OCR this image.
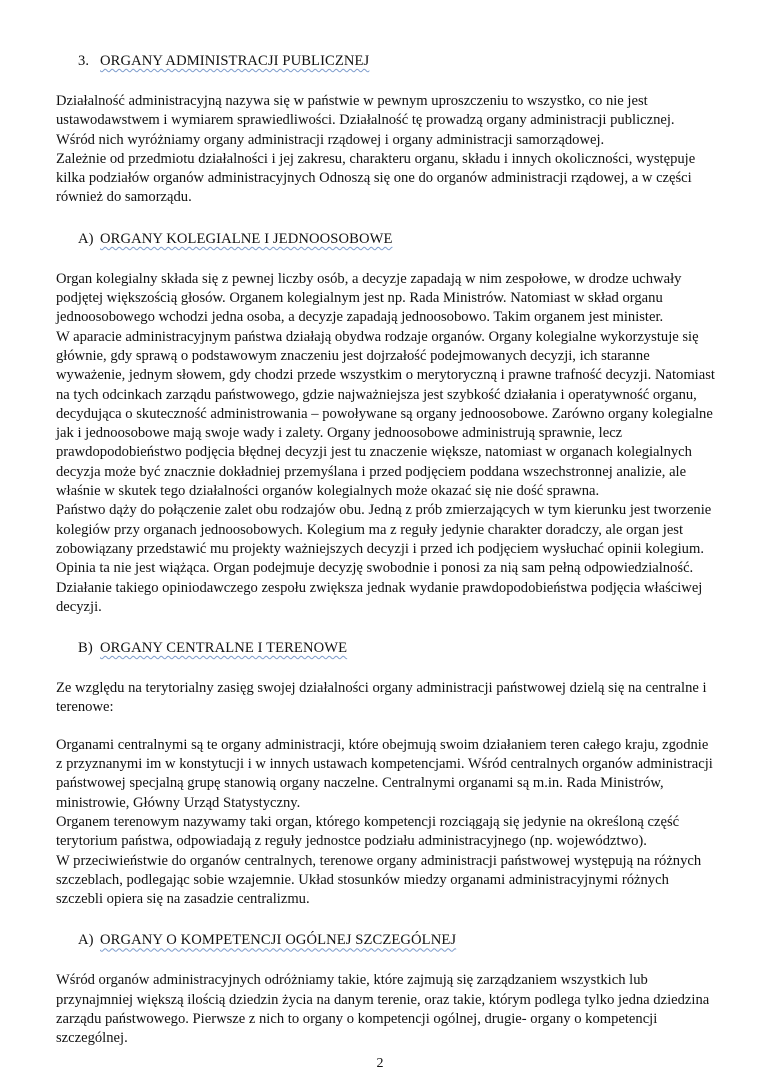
3. ORGANY ADMINISTRACJI PUBLICZNEJ

Działalność administracyjną nazywa się w państwie w pewnym uproszczeniu to wszystko, co nie jest ustawodawstwem i wymiarem sprawiedliwości. Działalność tę prowadzą organy administracji publicznej. Wśród nich wyróżniamy organy administracji rządowej i organy administracji samorządowej.

Zależnie od przedmiotu działalności i jej zakresu, charakteru organu, składu i innych okoliczności, występuje kilka podziałów organów administracyjnych Odnoszą się one do organów administracji rządowej, a w części również do samorządu.

A) ORGANY KOLEGIALNE I JEDNOOSOBOWE

Organ kolegialny składa się z pewnej liczby osób, a decyzje zapadają w nim zespołowe, w drodze uchwały podjętej większością głosów. Organem kolegialnym jest np. Rada Ministrów. Natomiast w skład organu jednoosobowego wchodzi jedna osoba, a decyzje zapadają jednoosobowo. Takim organem jest minister.

W aparacie administracyjnym państwa działają obydwa rodzaje organów. Organy kolegialne wykorzystuje się głównie, gdy sprawą o podstawowym znaczeniu jest dojrzałość podejmowanych decyzji, ich staranne wyważenie, jednym słowem, gdy chodzi przede wszystkim o merytoryczną i prawne trafność decyzji. Natomiast na tych odcinkach zarządu państwowego, gdzie najważniejsza jest szybkość działania i operatywność organu, decydująca o skuteczność administrowania – powoływane są organy jednoosobowe. Zarówno organy kolegialne jak i jednoosobowe mają swoje wady i zalety. Organy jednoosobowe administrują sprawnie, lecz prawdopodobieństwo podjęcia błędnej decyzji jest tu znaczenie większe, natomiast w organach kolegialnych decyzja może być znacznie dokładniej przemyślana i przed podjęciem poddana wszechstronnej analizie, ale właśnie w skutek tego działalności organów kolegialnych może okazać się nie dość sprawna.

Państwo dąży do połączenie zalet obu rodzajów obu. Jedną z prób zmierzających w tym kierunku jest tworzenie kolegiów przy organach jednoosobowych. Kolegium ma z reguły jedynie charakter doradczy, ale organ jest zobowiązany przedstawić mu projekty ważniejszych decyzji i przed ich podjęciem wysłuchać opinii kolegium. Opinia ta nie jest wiążąca. Organ podejmuje decyzję swobodnie i ponosi za nią sam pełną odpowiedzialność. Działanie takiego opiniodawczego zespołu zwiększa jednak wydanie prawdopodobieństwa podjęcia właściwej decyzji.

B) ORGANY CENTRALNE I TERENOWE

Ze względu na terytorialny zasięg swojej działalności organy administracji państwowej dzielą się na centralne i terenowe:

Organami centralnymi są te organy administracji, które obejmują swoim działaniem teren całego kraju, zgodnie z przyznanymi im w konstytucji i w innych ustawach kompetencjami. Wśród centralnych organów administracji państwowej specjalną grupę stanowią organy naczelne. Centralnymi organami są m.in. Rada Ministrów, ministrowie, Główny Urząd Statystyczny.

Organem terenowym nazywamy taki organ, którego kompetencji rozciągają się jedynie na określoną część terytorium państwa, odpowiadają z reguły jednostce podziału administracyjnego (np. województwo).

W przeciwieństwie do organów centralnych, terenowe organy administracji państwowej występują na różnych szczeblach, podlegając sobie wzajemnie. Układ stosunków miedzy organami administracyjnymi różnych szczebli opiera się na zasadzie centralizmu.

A) ORGANY O KOMPETENCJI OGÓLNEJ SZCZEGÓLNEJ

Wśród organów administracyjnych odróżniamy takie, które zajmują się zarządzaniem wszystkich lub przynajmniej większą ilością dziedzin życia na danym terenie, oraz takie, którym podlega tylko jedna dziedzina zarządu państwowego. Pierwsze z nich to organy o kompetencji ogólnej, drugie- organy o kompetencji szczególnej.

2
